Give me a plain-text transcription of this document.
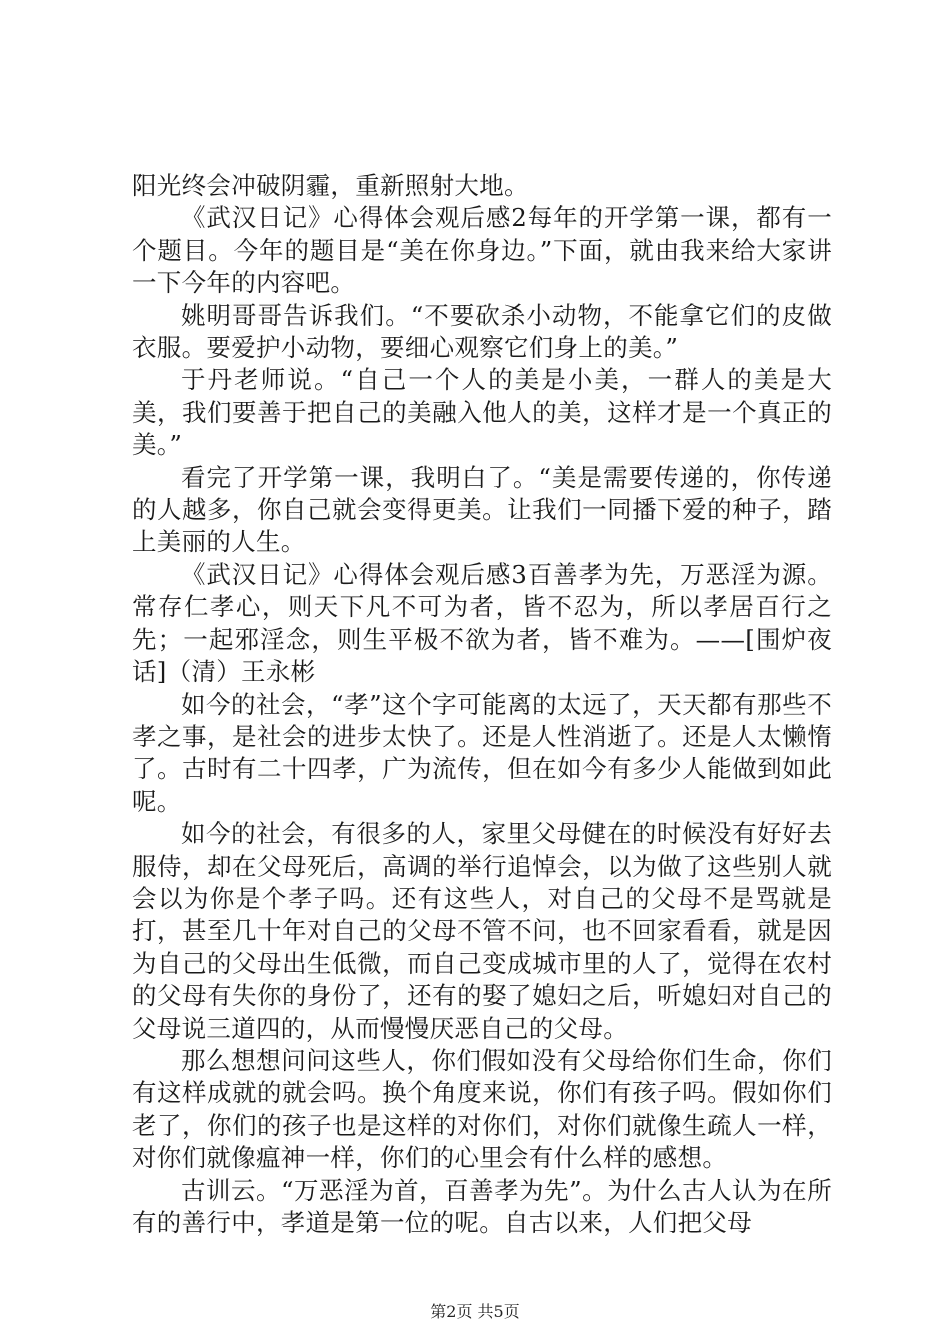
阳光终会冲破阴霾，重新照射大地。

《武汉日记》心得体会观后感2每年的开学第一课，都有一个题目。今年的题目是“美在你身边。”下面，就由我来给大家讲一下今年的内容吧。

姚明哥哥告诉我们。“不要砍杀小动物，不能拿它们的皮做衣服。要爱护小动物，要细心观察它们身上的美。”

于丹老师说。“自己一个人的美是小美，一群人的美是大美，我们要善于把自己的美融入他人的美，这样才是一个真正的美。”

看完了开学第一课，我明白了。“美是需要传递的，你传递的人越多，你自己就会变得更美。让我们一同播下爱的种子，踏上美丽的人生。

《武汉日记》心得体会观后感3百善孝为先，万恶淫为源。常存仁孝心，则天下凡不可为者，皆不忍为，所以孝居百行之先；一起邪淫念，则生平极不欲为者，皆不难为。——[围炉夜话]（清）王永彬

如今的社会，“孝”这个字可能离的太远了，天天都有那些不孝之事，是社会的进步太快了。还是人性消逝了。还是人太懒惰了。古时有二十四孝，广为流传，但在如今有多少人能做到如此呢。

如今的社会，有很多的人，家里父母健在的时候没有好好去服侍，却在父母死后，高调的举行追悼会，以为做了这些别人就会以为你是个孝子吗。还有这些人，对自己的父母不是骂就是打，甚至几十年对自己的父母不管不问，也不回家看看，就是因为自己的父母出生低微，而自己变成城市里的人了，觉得在农村的父母有失你的身份了，还有的娶了媳妇之后，听媳妇对自己的父母说三道四的，从而慢慢厌恶自己的父母。

那么想想问问这些人，你们假如没有父母给你们生命，你们有这样成就的就会吗。换个角度来说，你们有孩子吗。假如你们老了，你们的孩子也是这样的对你们，对你们就像生疏人一样，对你们就像瘟神一样，你们的心里会有什么样的感想。

古训云。“万恶淫为首，百善孝为先”。为什么古人认为在所有的善行中，孝道是第一位的呢。自古以来，人们把父母

第2页 共5页
